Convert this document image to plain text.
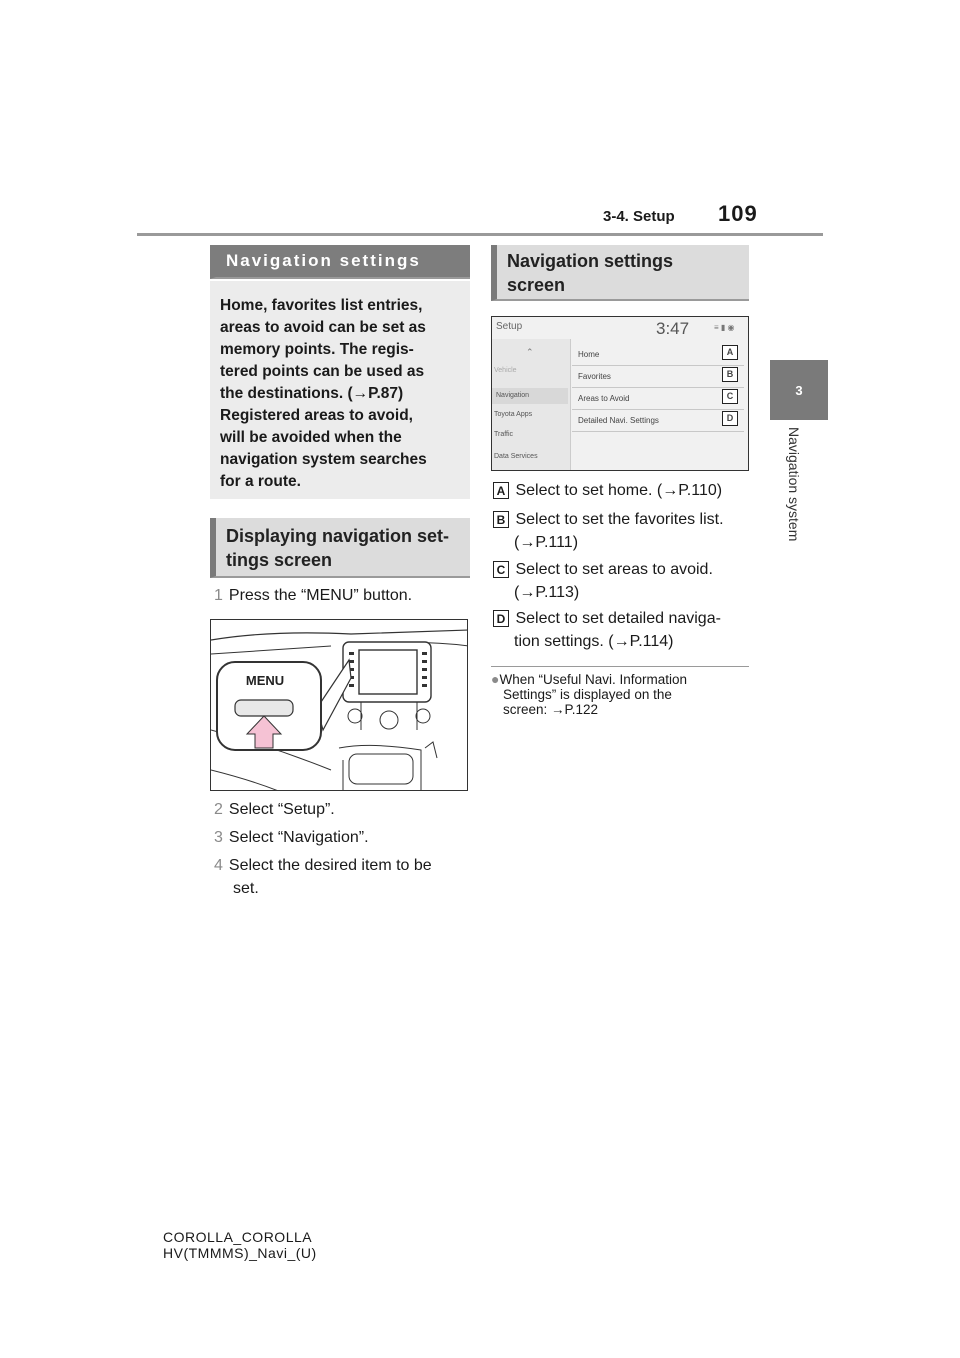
3-4. Setup 109
3
Navigation system
Navigation settings
Home, favorites list entries,
areas to avoid can be set as
memory points. The regis-
tered points can be used as
the destinations. (→P.87)
Registered areas to avoid,
will be avoided when the
navigation system searches
for a route.
Displaying navigation set-
tings screen
1 Press the “MENU” button.
MENU
2 Select “Setup”.
3 Select “Navigation”.
4 Select the desired item to be
set.
Navigation settings
screen
Setup	3:47	≡ ▮ ◉
⌃
Vehicle
Navigation
Toyota Apps
Traffic
Data Services
Home	A
Favorites	B
Areas to Avoid	C
Detailed Navi. Settings	D
A Select to set home. (→P.110)
B Select to set the favorites list.
(→P.111)
C Select to set areas to avoid.
(→P.113)
D Select to set detailed naviga-
tion settings. (→P.114)
●When “Useful Navi. Information
Settings” is displayed on the
screen: →P.122
COROLLA_COROLLA
HV(TMMMS)_Navi_(U)
